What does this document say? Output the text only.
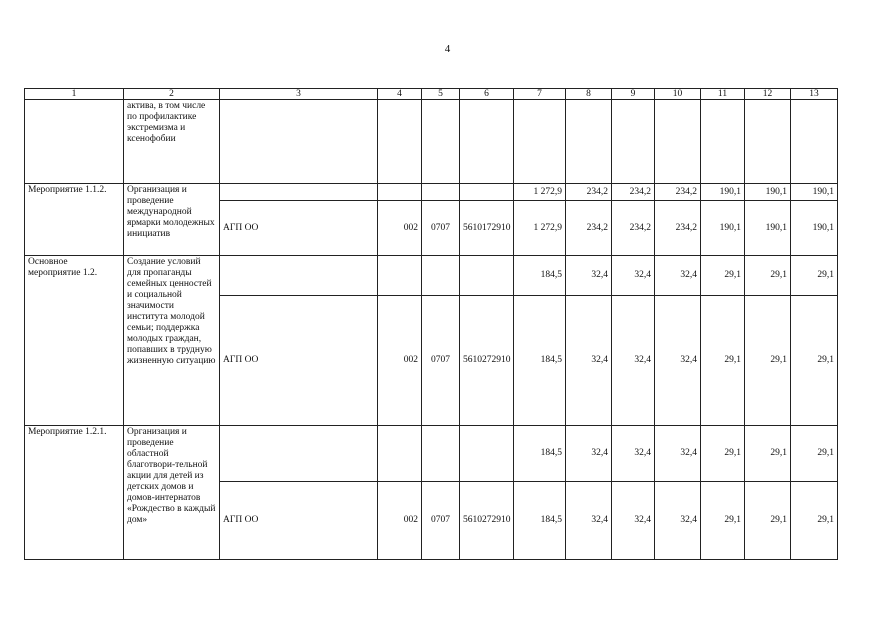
4
1	2	3	4	5	6	7	8	9	10	11	12	13
	активa, в том числе по профилактике экстремизма и ксенофобии											
Мероприятие 1.1.2.	Организация и проведение международной ярмарки молодежных инициатив					1 272,9	234,2	234,2	234,2	190,1	190,1	190,1
		АГП ОО	002	0707	5610172910	1 272,9	234,2	234,2	234,2	190,1	190,1	190,1
Основное мероприятие 1.2.	Создание условий для пропаганды семейных ценностей и социальной значимости института молодой семьи; поддержка молодых граждан, попавших в трудную жизненную ситуацию					184,5	32,4	32,4	32,4	29,1	29,1	29,1
		АГП ОО	002	0707	5610272910	184,5	32,4	32,4	32,4	29,1	29,1	29,1
Мероприятие 1.2.1.	Организация и проведение областной благотвори-тельной акции для детей из детских домов и домов-интернатов «Рождество в каждый дом»					184,5	32,4	32,4	32,4	29,1	29,1	29,1
		АГП ОО	002	0707	5610272910	184,5	32,4	32,4	32,4	29,1	29,1	29,1
